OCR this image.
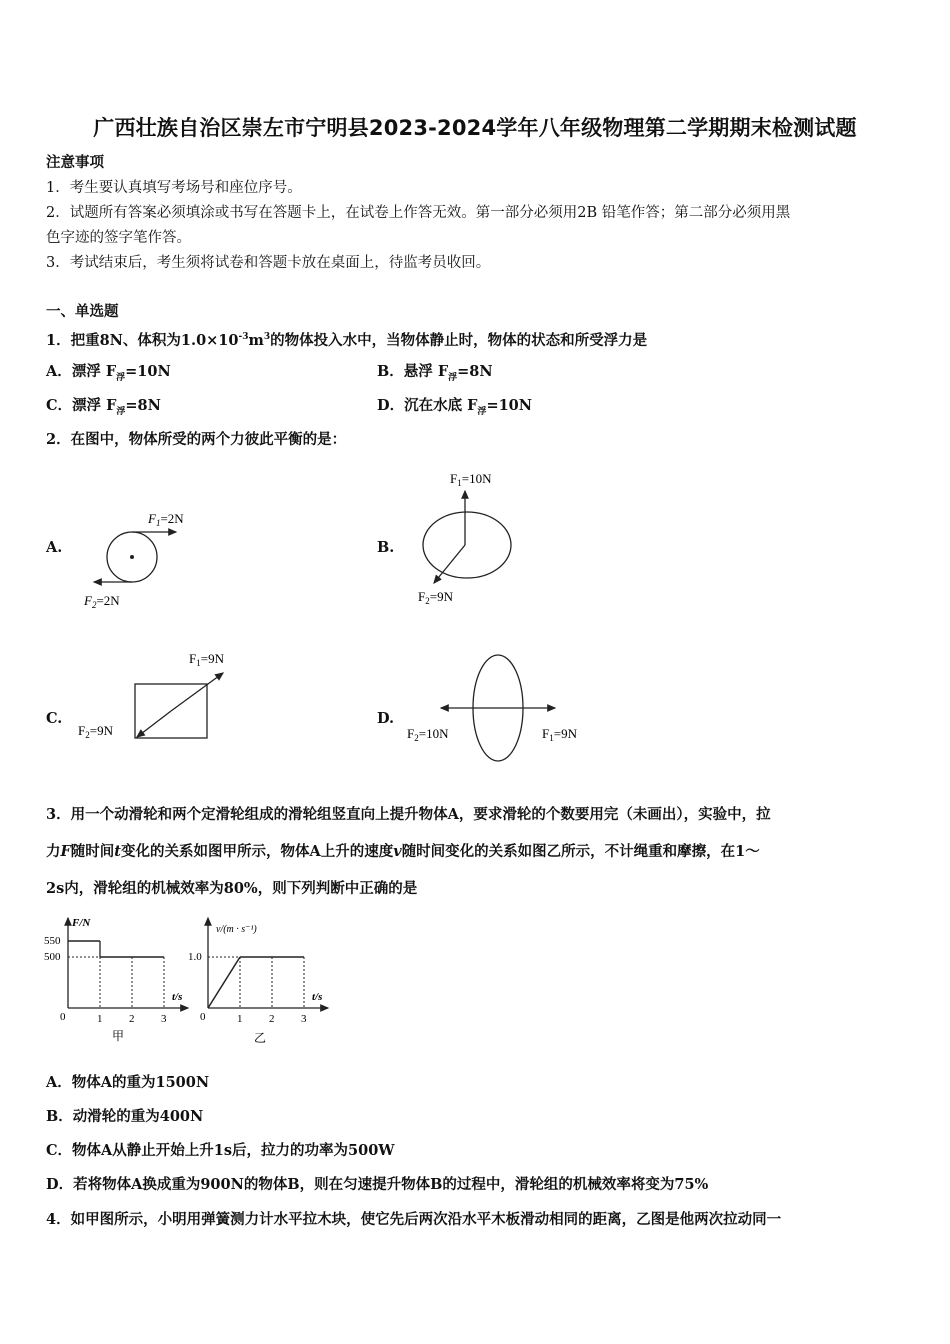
广西壮族自治区崇左市宁明县2023-2024学年八年级物理第二学期期末检测试题
注意事项
1．考生要认真填写考场号和座位序号。
2．试题所有答案必须填涂或书写在答题卡上，在试卷上作答无效。第一部分必须用2B 铅笔作答；第二部分必须用黑
色字迹的签字笔作答。
3．考试结束后，考生须将试卷和答题卡放在桌面上，待监考员收回。
一、单选题
1．把重8N、体积为$1.0\times 10^{-3}m^3$的物体投入水中，当物体静止时，物体的状态和所受浮力是
A．漂浮 $F_浮=10N$	B．悬浮 $F_浮=8N$
C．漂浮 $F_浮=8N$	D．沉在水底 $F_浮=10N$
2．在图中，物体所受的两个力彼此平衡的是：
A.
$F_1=2N$
$F_2=2N$
B.
$F_1=10N$
$F_2=9N$
C.
$F_1=9N$
$F_2=9N$
D.
$F_1=9N$
$F_2=10N$
3．用一个动滑轮和两个定滑轮组成的滑轮组竖直向上提升物体A，要求滑轮的个数要用完（未画出），实验中，拉
力F随时间t变化的关系如图甲所示，物体A上升的速度v随时间变化的关系如图乙所示，不计绳重和摩擦，在1～
2s内，滑轮组的机械效率为80%，则下列判断中正确的是
F/N
t/s
550
500
0	1 2 3
甲
v/(m · s⁻¹)
t/s
1.0
0	1 2 3
乙
A．物体A的重为1500N
B．动滑轮的重为400N
C．物体A从静止开始上升1s后，拉力的功率为500W
D．若将物体A换成重为900N的物体B，则在匀速提升物体B的过程中，滑轮组的机械效率将变为75%
4．如甲图所示，小明用弹簧测力计水平拉木块，使它先后两次沿水平木板滑动相同的距离，乙图是他两次拉动同一
